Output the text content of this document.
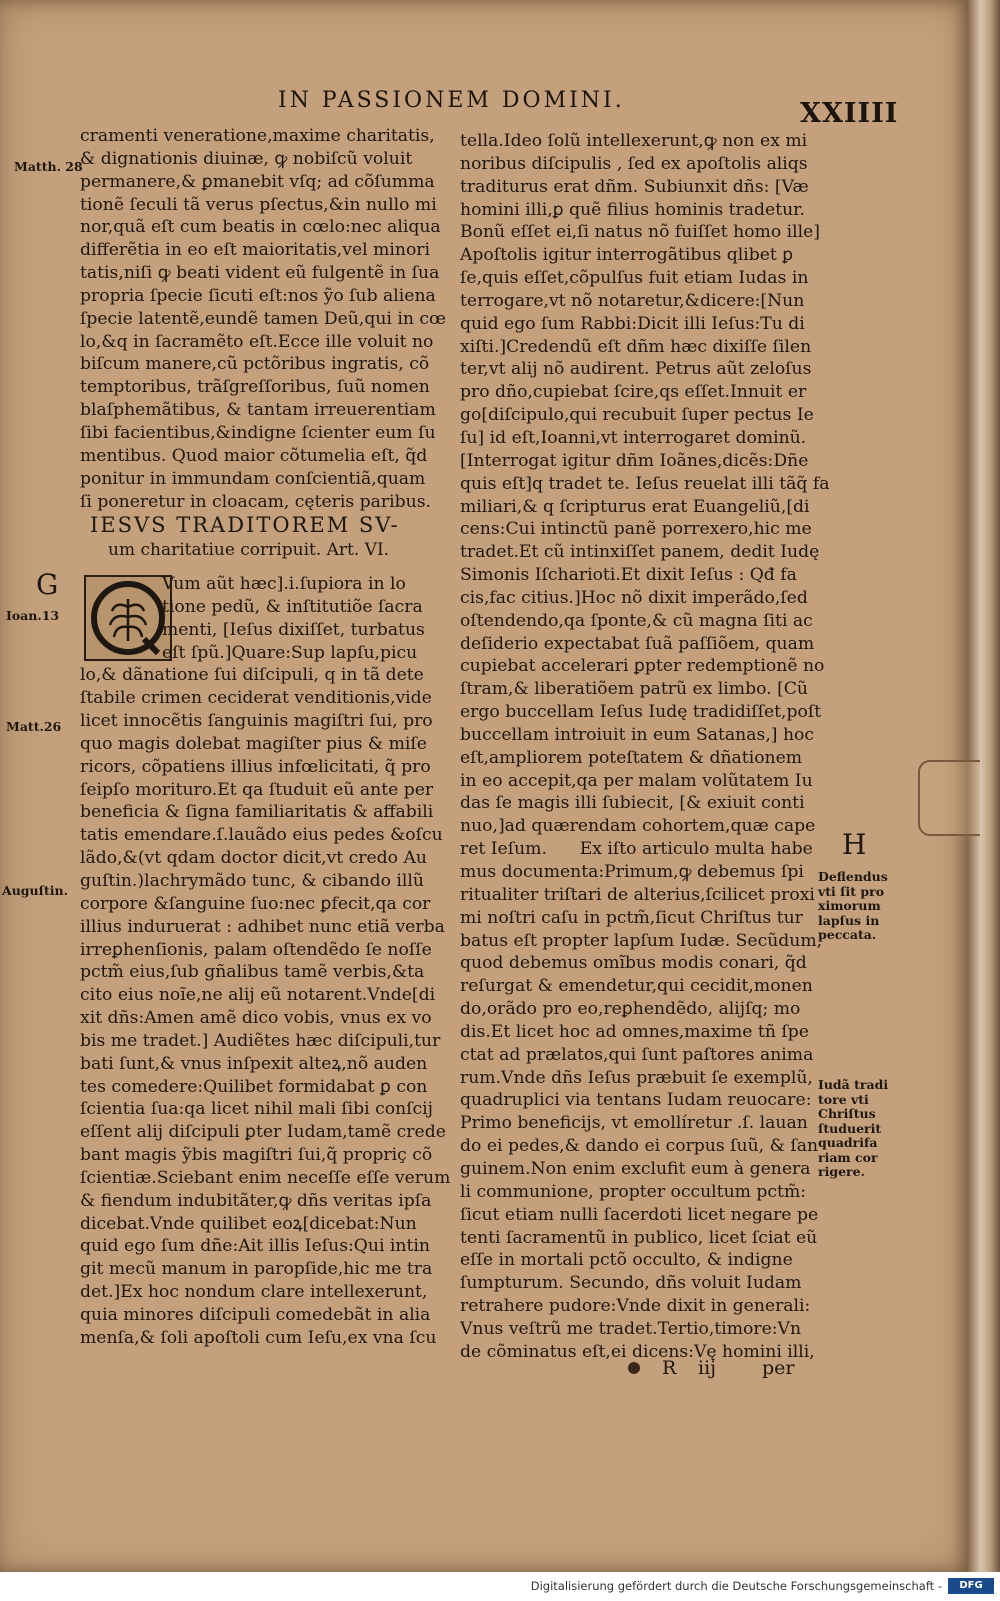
IN PASSIONEM DOMINI.	XXIIII
cramenti veneratione,maxime charitatis,
& dignationis diuinæ, ꝙ nobiſcũ voluit
permanere,& ꝑmanebit vſq; ad cõſumma
tionẽ ſeculi tã verus pſectus,&in nullo mi
nor,quã eſt cum beatis in cœlo:nec aliqua
differẽtia in eo eſt maioritatis,vel minori
tatis,niſi ꝙ beati vident eũ fulgentẽ in ſua
propria ſpecie ſicuti eſt:nos ỹo ſub aliena
ſpecie latentẽ,eundẽ tamen Deũ,qui in cœ
lo,&q in ſacramẽto eſt.Ecce ille voluit no
biſcum manere,cũ pctõribus ingratis, cõ
temptoribus, trãſgreſſoribus, ſuũ nomen
blaſphemãtibus, & tantam irreuerentiam
ſibi facientibus,&indigne ſcienter eum ſu
mentibus. Quod maior cõtumelia eſt, q̃d
ponitur in immundam conſcientiã,quam
ſi poneretur in cloacam, cęteris paribus.
IESVS TRADITOREM SV-
um charitatiue corripuit. Art. VI.
Vum aũt hæc].i.ſupiora in lo
tione pedũ, & inſtitutiõe ſacra
menti, [Ieſus dixiſſet, turbatus
eſt ſpũ.]Quare:Sup lapſu,picu
lo,& dãnatione ſui diſcipuli, q in tã dete
ſtabile crimen ceciderat venditionis,vide
licet innocẽtis ſanguinis magiſtri ſui, pro
quo magis dolebat magiſter pius & miſe
ricors, cõpatiens illius infœlicitati, q̃ pro
ſeipſo morituro.Et qa ſtuduit eũ ante per
beneficia & ſigna familiaritatis & affabili
tatis emendare.ſ.lauãdo eius pedes &oſcu
lãdo,&(vt qdam doctor dicit,vt credo Au
guſtin.)lachrymãdo tunc, & cibando illũ
corpore &ſanguine ſuo:nec ꝑfecit,qa cor
illius induruerat : adhibet nunc etiã verba
irreꝑhenſionis, palam oſtendẽdo ſe noſſe
pctm̃ eius,ſub gñalibus tamẽ verbis,&ta
cito eius noĩe,ne alij eũ notarent.Vnde[di
xit dñs:Amen amẽ dico vobis, vnus ex vo
bis me tradet.] Audiẽtes hæc diſcipuli,tur
bati ſunt,& vnus inſpexit alteꝝ,nõ auden
tes comedere:Quilibet formidabat ꝑ con
ſcientia ſua:qa licet nihil mali ſibi conſcij
eſſent alij diſcipuli ꝑter Iudam,tamẽ crede
bant magis ỹbis magiſtri ſui,q̃ propriç cõ
ſcientiæ.Sciebant enim neceſſe eſſe verum
& fiendum indubitãter,ꝙ dñs veritas ipſa
dicebat.Vnde quilibet eoꝝ[dicebat:Nun
quid ego ſum dñe:Ait illis Ieſus:Qui intin
git mecũ manum in paropſide,hic me tra
det.]Ex hoc nondum clare intellexerunt,
quia minores diſcipuli comedebãt in alia
menſa,& ſoli apoſtoli cum Ieſu,ex vna ſcu
tella.Ideo ſolũ intellexerunt,ꝙ non ex mi
noribus diſcipulis , ſed ex apoſtolis aliqs
traditurus erat dñm. Subiunxit dñs: [Væ
homini illi,ꝑ quẽ filius hominis tradetur.
Bonũ eſſet ei,ſi natus nõ fuiſſet homo ille]
Apoſtolis igitur interrogãtibus qlibet ꝑ
ſe,quis eſſet,cõpulſus fuit etiam Iudas in
terrogare,vt nõ notaretur,&dicere:[Nun
quid ego ſum Rabbi:Dicit illi Ieſus:Tu di
xiſti.]Credendũ eſt dñm hæc dixiſſe ſilen
ter,vt alij nõ audirent. Petrus aũt zeloſus
pro dño,cupiebat ſcire,qs eſſet.Innuit er
go[diſcipulo,qui recubuit ſuper pectus Ie
ſu] id eſt,Ioanni,vt interrogaret dominũ.
[Interrogat igitur dñm Ioãnes,dicẽs:Dñe
quis eſt]q tradet te. Ieſus reuelat illi tãq̃ fa
miliari,& q ſcripturus erat Euangeliũ,[di
cens:Cui intinctũ panẽ porrexero,hic me
tradet.Et cũ intinxiſſet panem, dedit Iudę
Simonis Iſcharioti.Et dixit Ieſus : Qđ fa
cis,fac citius.]Hoc nõ dixit imperãdo,ſed
oſtendendo,qa ſponte,& cũ magna ſiti ac
deſiderio expectabat ſuã paſſiõem, quam
cupiebat accelerari ꝑpter redemptionẽ no
ſtram,& liberatiõem patrũ ex limbo. [Cũ
ergo buccellam Ieſus Iudę tradidiſſet,poſt
buccellam introiuit in eum Satanas,] hoc
eſt,ampliorem poteſtatem & dñationem
in eo accepit,qa per malam volũtatem Iu
das ſe magis illi ſubiecit, [& exiuit conti
nuo,]ad quærendam cohortem,quæ cape
ret Ieſum.      Ex iſto articulo multa habe
mus documenta:Primum,ꝙ debemus ſpi
ritualiter triſtari de alterius,ſcilicet proxi
mi noſtri caſu in pctm̃,ſicut Chriſtus tur
batus eſt propter lapſum Iudæ. Secũdum,
quod debemus omĩbus modis conari, q̃d
reſurgat & emendetur,qui cecidit,monen
do,orãdo pro eo,reꝑhendẽdo, alijſq; mo
dis.Et licet hoc ad omnes,maxime tñ ſpe
ctat ad prælatos,qui ſunt paſtores anima
rum.Vnde dñs Ieſus præbuit ſe exemplũ,
quadruplici via tentans Iudam reuocare:
Primo beneficijs, vt emollíretur .ſ. lauan
do ei pedes,& dando ei corpus ſuũ, & ſan
guinem.Non enim exclufit eum à genera
li communione, propter occultum pctm̃:
ſicut etiam nulli ſacerdoti licet negare pe
tenti ſacramentũ in publico, licet ſciat eũ
eſſe in mortali pctõ occulto, & indigne
ſumpturum. Secundo, dñs voluit Iudam
retrahere pudore:Vnde dixit in generali:
Vnus veſtrũ me tradet.Tertio,timore:Vn
de cõminatus eſt,ei dicens:Vę homini illi,
Matth. 28
G
Ioan.13
Matt.26
Auguſtin.
H
Deflendus
vti ſit pro
ximorum
lapſus in
peccata.
Iudã tradi
tore vti
Chriſtus
ſtuduerit
quadrifa
riam cor
rigere.
R iij per
Digitalisierung gefördert durch die Deutsche Forschungsgemeinschaft -	DFG
